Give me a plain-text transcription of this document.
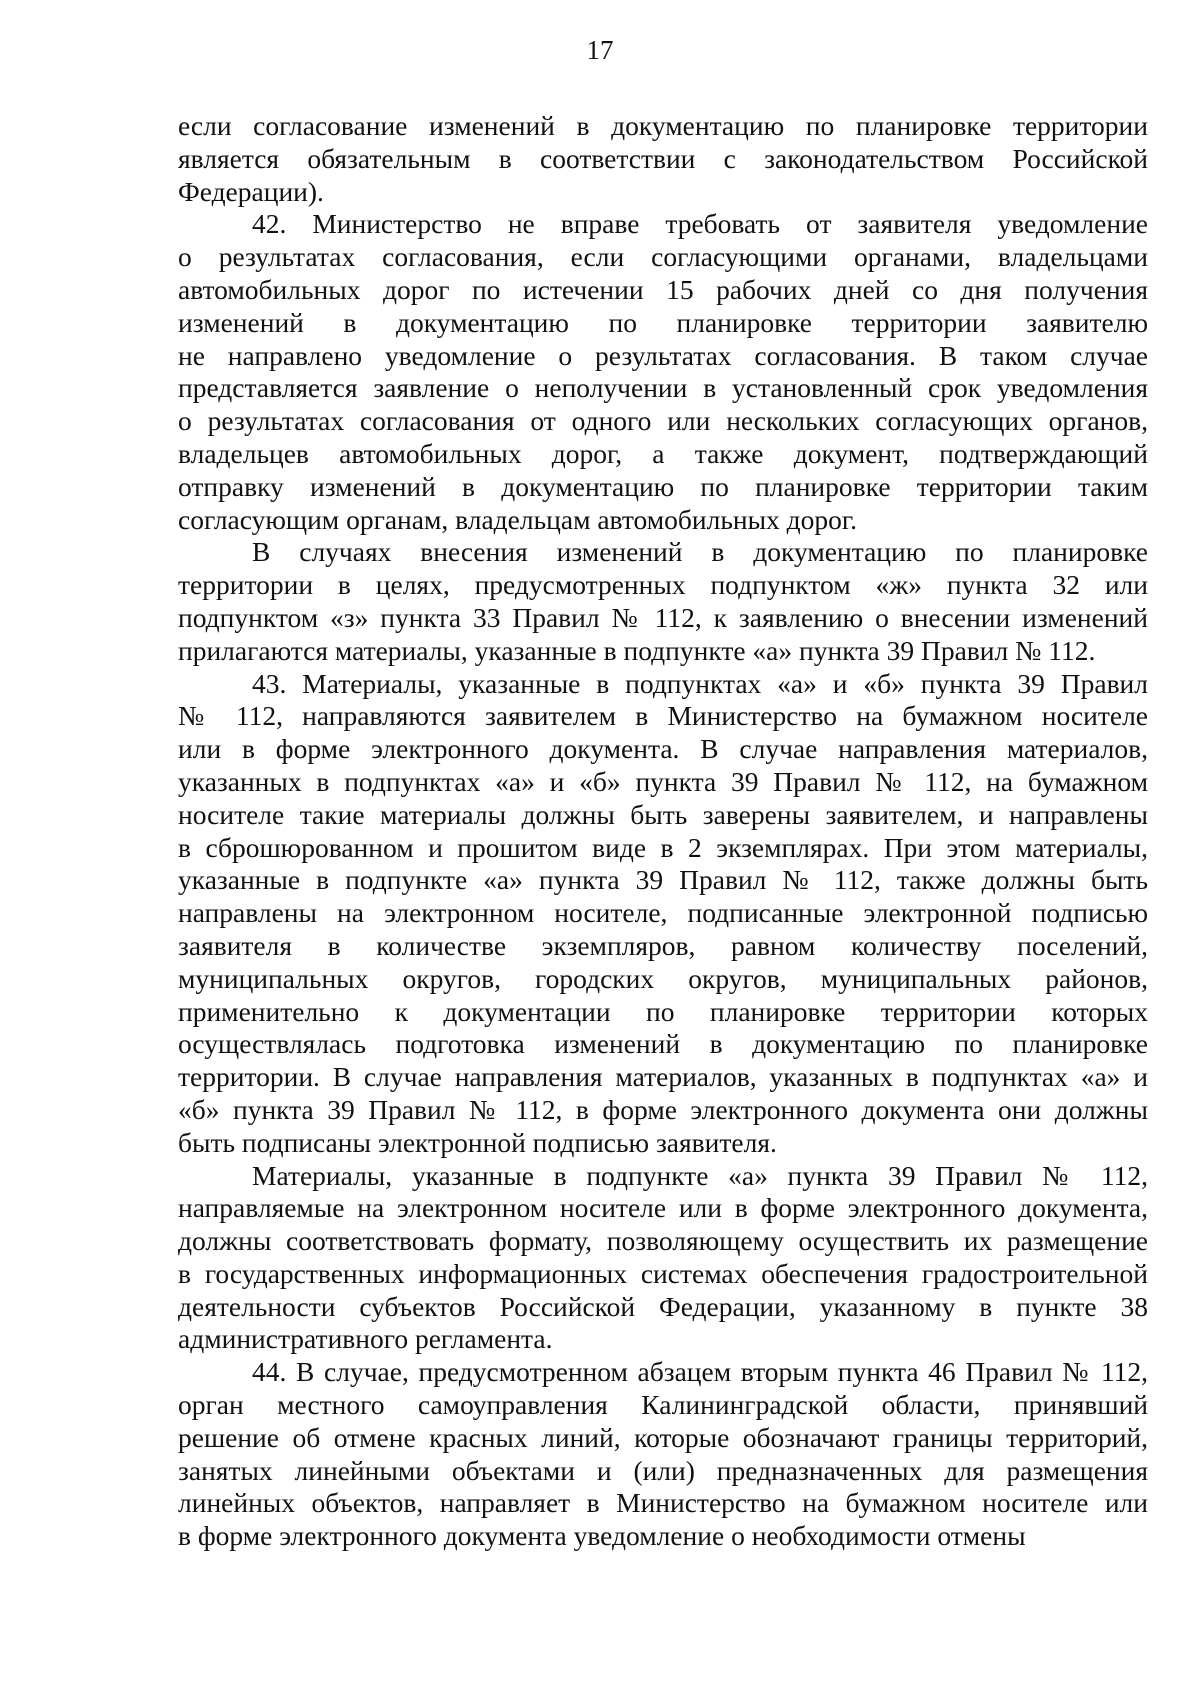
17

если согласование изменений в документацию по планировке территории
является обязательным в соответствии с законодательством Российской
Федерации).

42. Министерство не вправе требовать от заявителя уведомление
о результатах согласования, если согласующими органами, владельцами
автомобильных дорог по истечении 15 рабочих дней со дня получения
изменений в документацию по планировке территории заявителю
не направлено уведомление о результатах согласования. В таком случае
представляется заявление о неполучении в установленный срок уведомления
о результатах согласования от одного или нескольких согласующих органов,
владельцев автомобильных дорог, а также документ, подтверждающий
отправку изменений в документацию по планировке территории таким
согласующим органам, владельцам автомобильных дорог.

В случаях внесения изменений в документацию по планировке
территории в целях, предусмотренных подпунктом «ж» пункта 32 или
подпунктом «з» пункта 33 Правил № 112, к заявлению о внесении изменений
прилагаются материалы, указанные в подпункте «а» пункта 39 Правил № 112.

43. Материалы, указанные в подпунктах «а» и «б» пункта 39 Правил
№ 112, направляются заявителем в Министерство на бумажном носителе
или в форме электронного документа. В случае направления материалов,
указанных в подпунктах «а» и «б» пункта 39 Правил № 112, на бумажном
носителе такие материалы должны быть заверены заявителем, и направлены
в сброшюрованном и прошитом виде в 2 экземплярах. При этом материалы,
указанные в подпункте «а» пункта 39 Правил № 112, также должны быть
направлены на электронном носителе, подписанные электронной подписью
заявителя в количестве экземпляров, равном количеству поселений,
муниципальных округов, городских округов, муниципальных районов,
применительно к документации по планировке территории которых
осуществлялась подготовка изменений в документацию по планировке
территории. В случае направления материалов, указанных в подпунктах «а» и
«б» пункта 39 Правил № 112, в форме электронного документа они должны
быть подписаны электронной подписью заявителя.

Материалы, указанные в подпункте «а» пункта 39 Правил № 112,
направляемые на электронном носителе или в форме электронного документа,
должны соответствовать формату, позволяющему осуществить их размещение
в государственных информационных системах обеспечения градостроительной
деятельности субъектов Российской Федерации, указанному в пункте 38
административного регламента.

44. В случае, предусмотренном абзацем вторым пункта 46 Правил № 112,
орган местного самоуправления Калининградской области, принявший
решение об отмене красных линий, которые обозначают границы территорий,
занятых линейными объектами и (или) предназначенных для размещения
линейных объектов, направляет в Министерство на бумажном носителе или
в форме электронного документа уведомление о необходимости отмены
